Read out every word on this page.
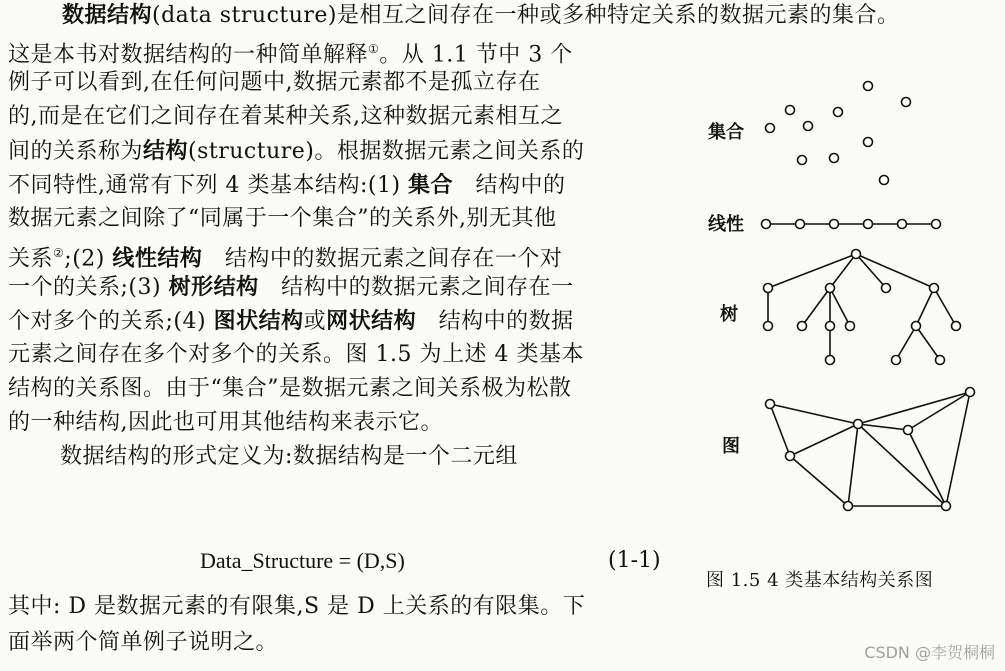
数据结构(data structure)是相互之间存在一种或多种特定关系的数据元素的集合。
这是本书对数据结构的一种简单解释①。从 1.1 节中 3 个
例子可以看到,在任何问题中,数据元素都不是孤立存在
的,而是在它们之间存在着某种关系,这种数据元素相互之
间的关系称为结构(structure)。根据数据元素之间关系的
不同特性,通常有下列 4 类基本结构:(1) 集合   结构中的
数据元素之间除了“同属于一个集合”的关系外,别无其他
关系②;(2) 线性结构   结构中的数据元素之间存在一个对
一个的关系;(3) 树形结构   结构中的数据元素之间存在一
个对多个的关系;(4) 图状结构或网状结构   结构中的数据
元素之间存在多个对多个的关系。图 1.5 为上述 4 类基本
结构的关系图。由于“集合”是数据元素之间关系极为松散
的一种结构,因此也可用其他结构来表示它。
数据结构的形式定义为:数据结构是一个二元组
Data_Structure = (D,S)	(1-1)
其中: D 是数据元素的有限集,S 是 D 上关系的有限集。下
面举两个简单例子说明之。
集合
线性
树
图
图 1.5 4 类基本结构关系图
CSDN @李贺桐桐
